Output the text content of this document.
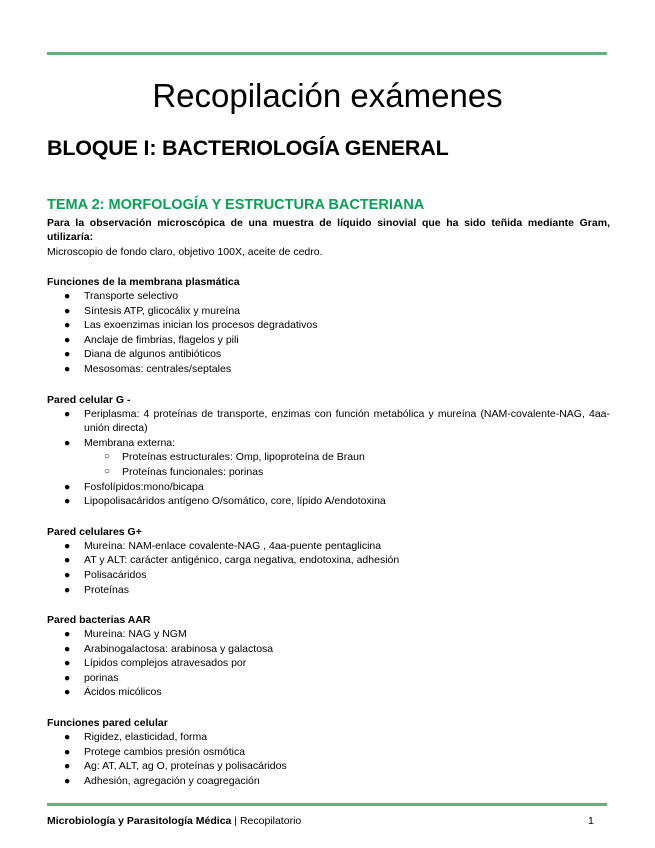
Recopilación exámenes
BLOQUE I: BACTERIOLOGÍA GENERAL
TEMA 2: MORFOLOGÍA Y ESTRUCTURA BACTERIANA

Para la observación microscópica de una muestra de líquido sinovial que ha sido teñida mediante Gram, utilizaría:

Microscopio de fondo claro, objetivo 100X, aceite de cedro.

Funciones de la membrana plasmática

● Transporte selectivo
● Síntesis ATP, glicocálix y mureína
● Las exoenzimas inician los procesos degradativos
● Anclaje de fimbrias, flagelos y pili
● Diana de algunos antibióticos
● Mesosomas: centrales/septales

Pared celular G -

● Periplasma: 4 proteínas de transporte, enzimas con función metabólica y mureína (NAM-covalente-NAG, 4aa-unión directa)
● Membrana externa:
○ Proteínas estructurales: Omp, lipoproteína de Braun
○ Proteínas funcionales: porinas
● Fosfolípidos:mono/bicapa
● Lipopolisacáridos antígeno O/somático, core, lípido A/endotoxina

Pared celulares G+

● Mureína: NAM-enlace covalente-NAG , 4aa-puente pentaglicina
● AT y ALT: carácter antigénico, carga negativa, endotoxina, adhesión
● Polisacáridos
● Proteínas

Pared bacterias AAR

● Mureína: NAG y NGM
● Arabinogalactosa: arabinosa y galactosa
● Lípidos complejos atravesados por
● porinas
● Ácidos micólicos

Funciones pared celular

● Rigidez, elasticidad, forma
● Protege cambios presión osmótica
● Ag: AT, ALT, ag O, proteínas y polisacáridos
● Adhesión, agregación y coagregación
Microbiología y Parasitología Médica | Recopilatorio	1
